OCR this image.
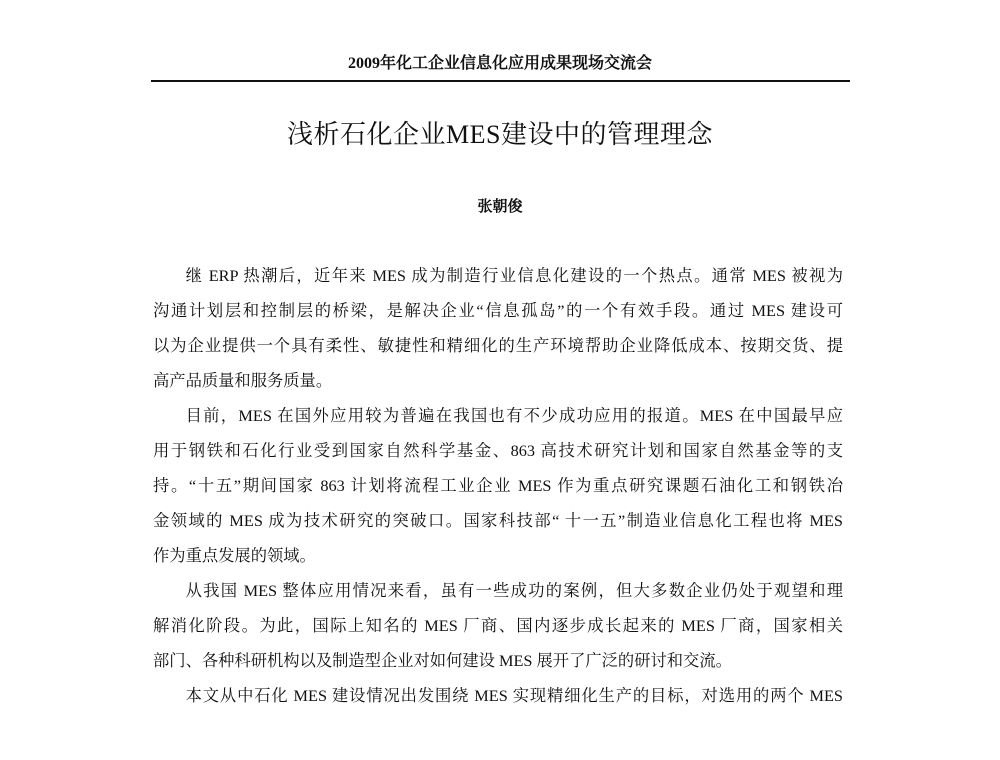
2009年化工企业信息化应用成果现场交流会
浅析石化企业MES建设中的管理理念
张朝俊

继 ERP 热潮后，近年来 MES 成为制造行业信息化建设的一个热点。通常 MES 被视为
沟通计划层和控制层的桥梁，是解决企业“信息孤岛”的一个有效手段。通过 MES 建设可
以为企业提供一个具有柔性、敏捷性和精细化的生产环境帮助企业降低成本、按期交货、提
高产品质量和服务质量。

目前，MES 在国外应用较为普遍在我国也有不少成功应用的报道。MES 在中国最早应
用于钢铁和石化行业受到国家自然科学基金、863 高技术研究计划和国家自然基金等的支
持。“十五”期间国家 863 计划将流程工业企业 MES 作为重点研究课题石油化工和钢铁冶
金领域的 MES 成为技术研究的突破口。国家科技部“ 十一五”制造业信息化工程也将 MES
作为重点发展的领域。

从我国 MES 整体应用情况来看，虽有一些成功的案例，但大多数企业仍处于观望和理
解消化阶段。为此，国际上知名的 MES 厂商、国内逐步成长起来的 MES 厂商，国家相关
部门、各种科研机构以及制造型企业对如何建设 MES 展开了广泛的研讨和交流。

本文从中石化 MES 建设情况出发围绕 MES 实现精细化生产的目标，对选用的两个 MES
